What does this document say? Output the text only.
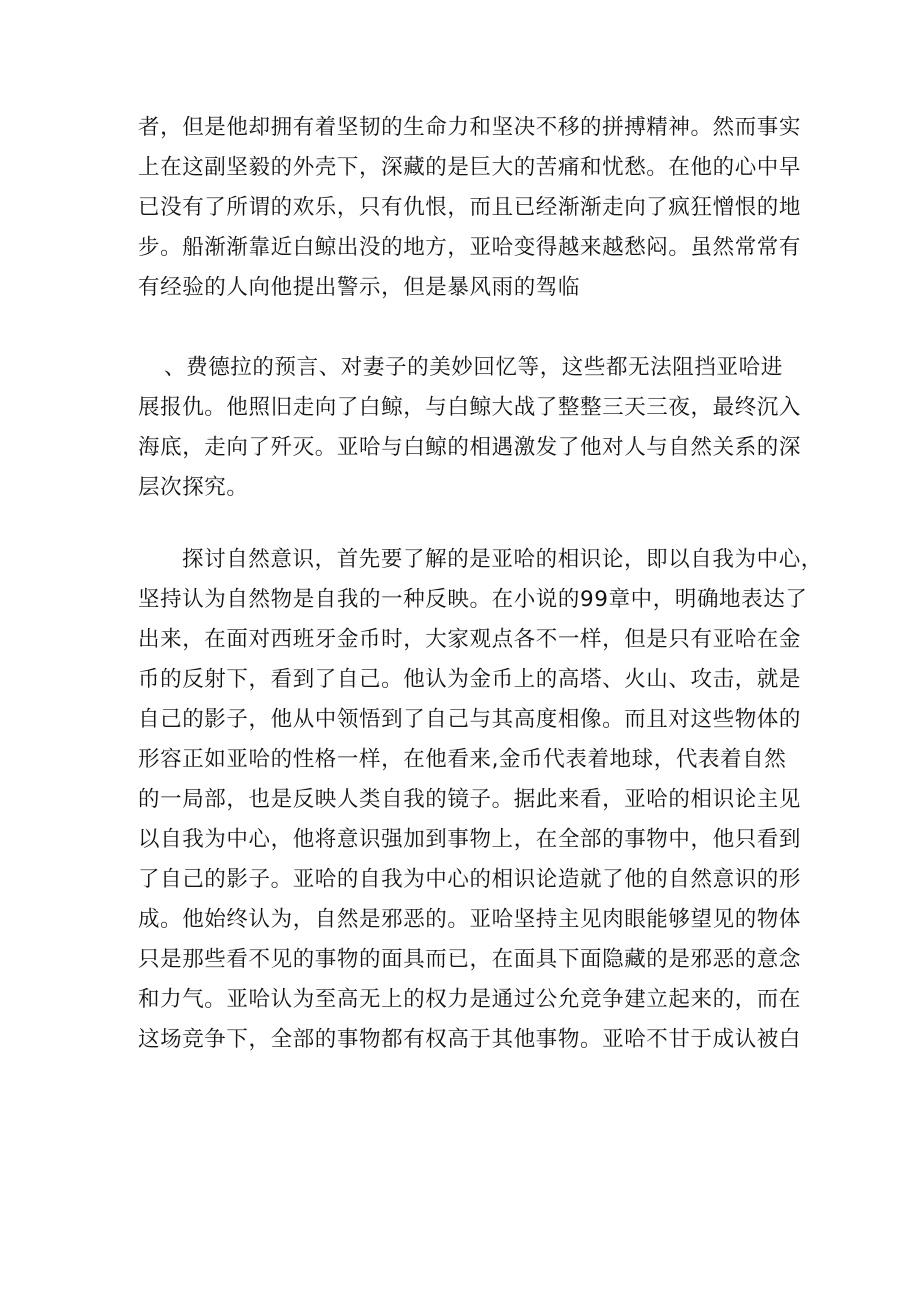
者，但是他却拥有着坚韧的生命力和坚决不移的拼搏精神。然而事实
上在这副坚毅的外壳下，深藏的是巨大的苦痛和忧愁。在他的心中早
已没有了所谓的欢乐，只有仇恨，而且已经渐渐走向了疯狂憎恨的地
步。船渐渐靠近白鲸出没的地方，亚哈变得越来越愁闷。虽然常常有
有经验的人向他提出警示，但是暴风雨的驾临
、费德拉的预言、对妻子的美妙回忆等，这些都无法阻挡亚哈进
展报仇。他照旧走向了白鲸，与白鲸大战了整整三天三夜，最终沉入
海底，走向了歼灭。亚哈与白鲸的相遇激发了他对人与自然关系的深
层次探究。
探讨自然意识，首先要了解的是亚哈的相识论，即以自我为中心，
坚持认为自然物是自我的一种反映。在小说的99章中，明确地表达了
出来，在面对西班牙金币时，大家观点各不一样，但是只有亚哈在金
币的反射下，看到了自己。他认为金币上的高塔、火山、攻击，就是
自己的影子，他从中领悟到了自己与其高度相像。而且对这些物体的
形容正如亚哈的性格一样，在他看来,金币代表着地球，代表着自然
的一局部，也是反映人类自我的镜子。据此来看，亚哈的相识论主见
以自我为中心，他将意识强加到事物上，在全部的事物中，他只看到
了自己的影子。亚哈的自我为中心的相识论造就了他的自然意识的形
成。他始终认为，自然是邪恶的。亚哈坚持主见肉眼能够望见的物体
只是那些看不见的事物的面具而已，在面具下面隐藏的是邪恶的意念
和力气。亚哈认为至高无上的权力是通过公允竞争建立起来的，而在
这场竞争下，全部的事物都有权高于其他事物。亚哈不甘于成认被白
